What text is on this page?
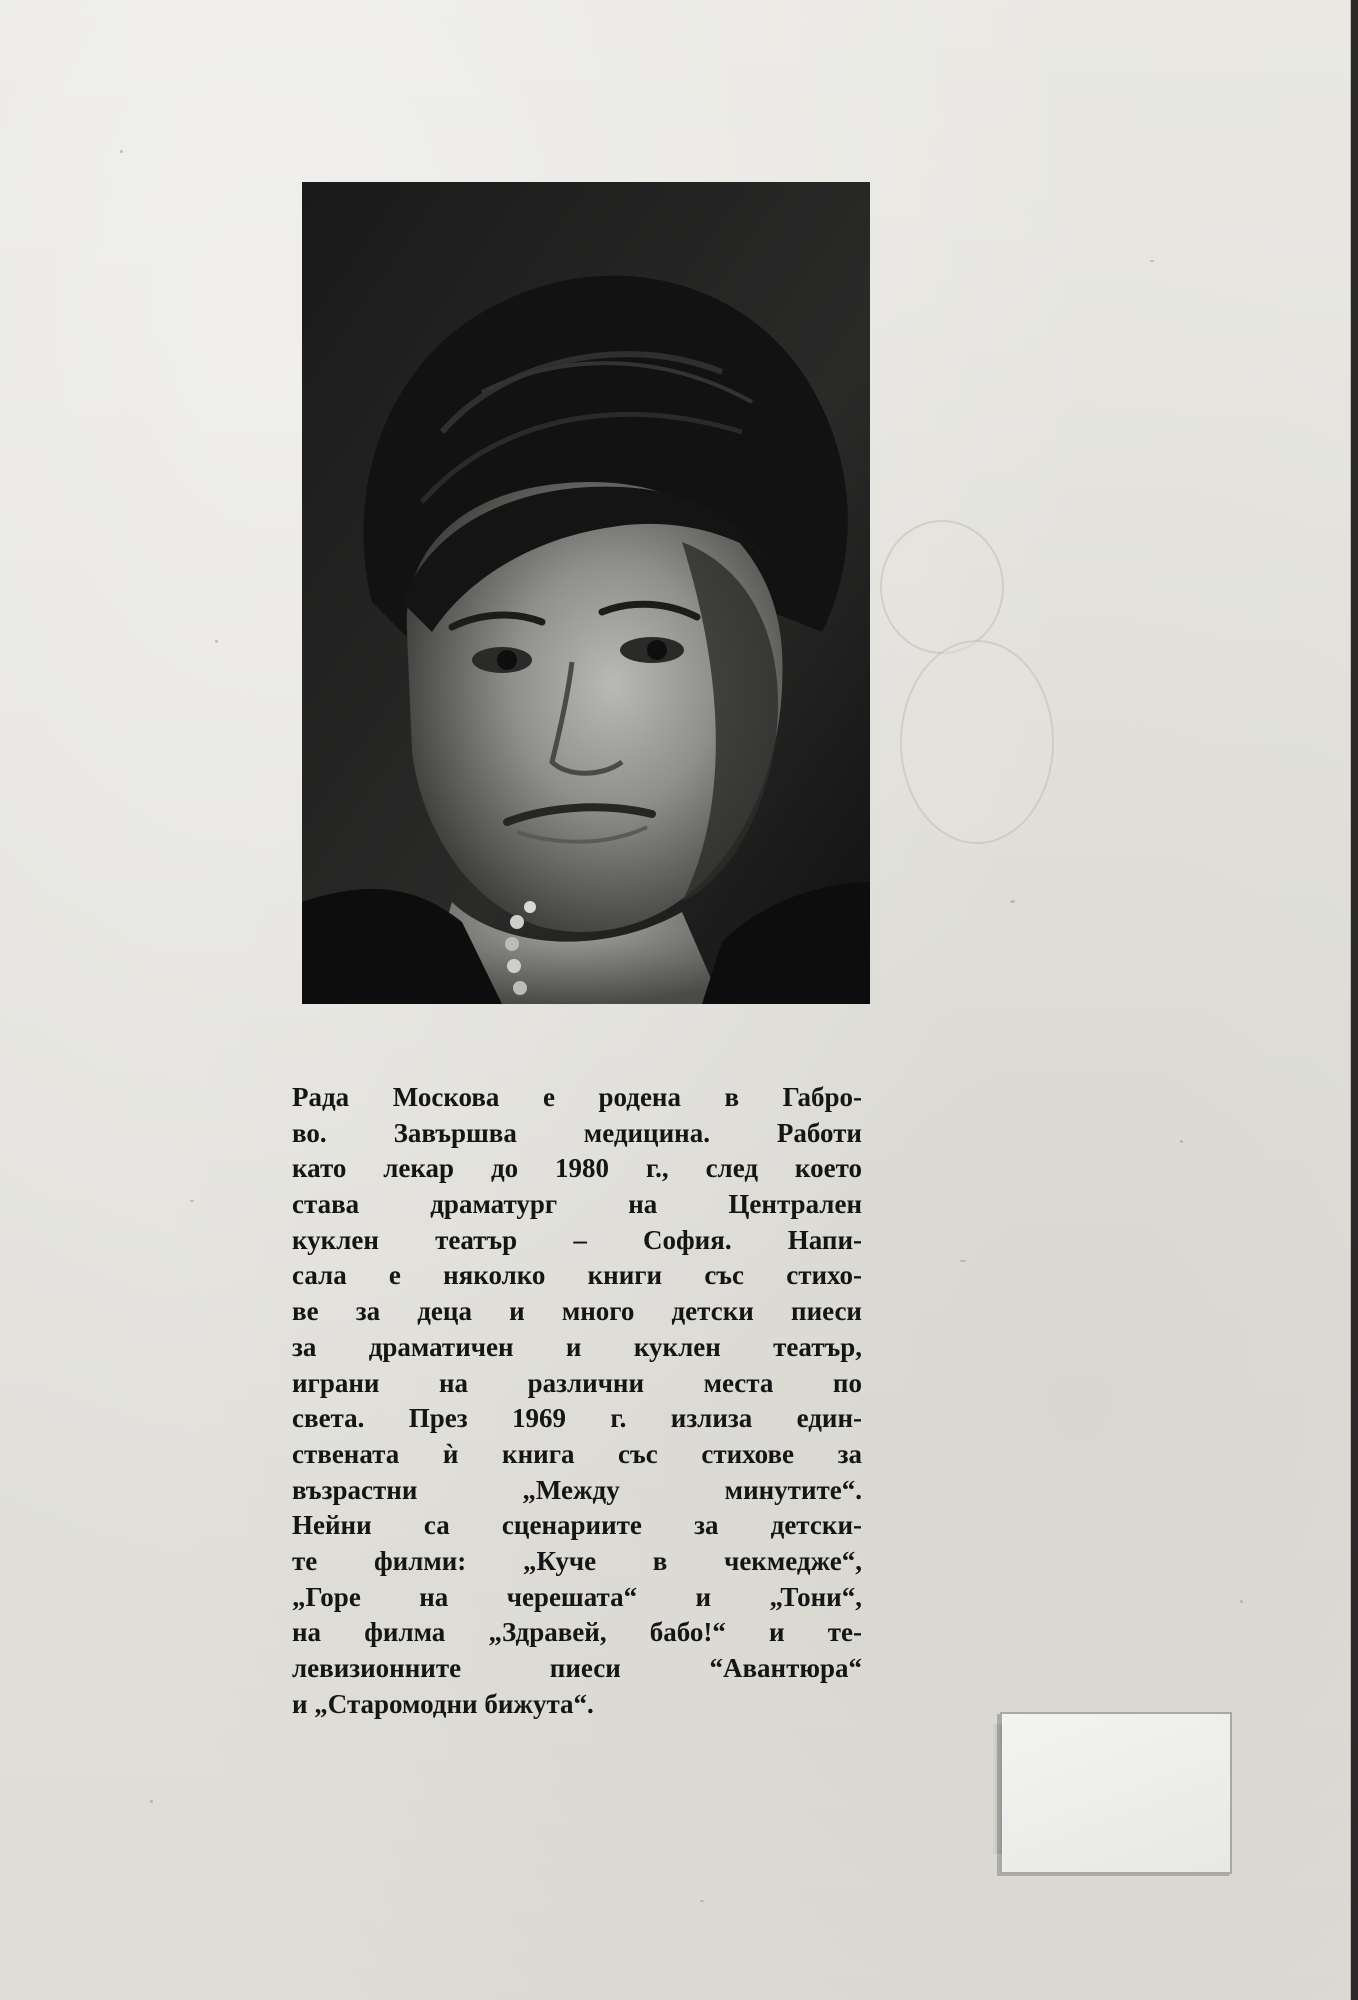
Рада Москова е родена в Габро-
во. Завършва медицина. Работи
като лекар до 1980 г., след което
става драматург на Централен
куклен театър – София. Напи-
сала е няколко книги със стихо-
ве за деца и много детски пиеси
за драматичен и куклен театър,
играни на различни места по
света. През 1969 г. излиза един-
ствената ѝ книга със стихове за
възрастни „Между минутите“.
Нейни са сценариите за детски-
те филми: „Куче в чекмедже“,
„Горе на черешата“ и „Тони“,
на филма „Здравей, бабо!“ и те-
левизионните пиеси “Авантюра“
и „Старомодни бижута“.
